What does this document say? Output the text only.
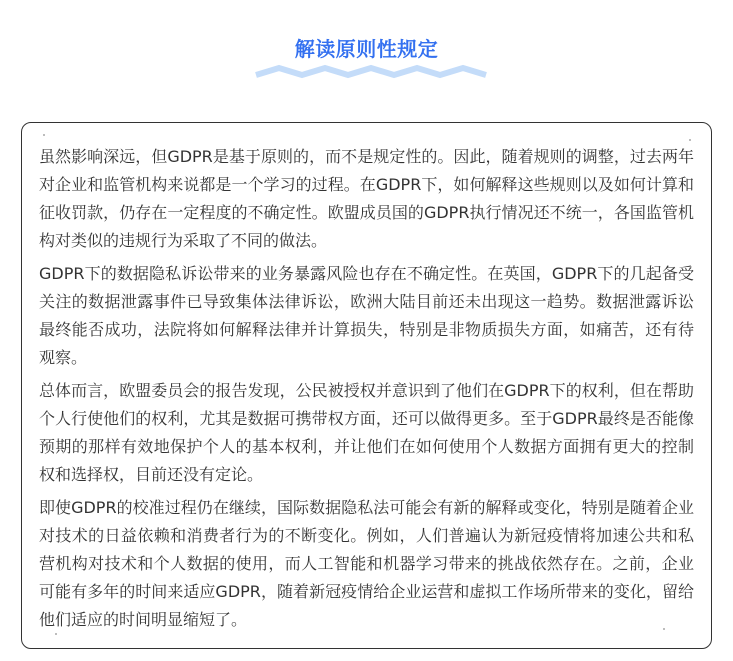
解读原则性规定

虽然影响深远，但GDPR是基于原则的，而不是规定性的。因此，随着规则的调整，过去两年对企业和监管机构来说都是一个学习的过程。在GDPR下，如何解释这些规则以及如何计算和征收罚款，仍存在一定程度的不确定性。欧盟成员国的GDPR执行情况还不统一，各国监管机构对类似的违规行为采取了不同的做法。

GDPR下的数据隐私诉讼带来的业务暴露风险也存在不确定性。在英国，GDPR下的几起备受关注的数据泄露事件已导致集体法律诉讼，欧洲大陆目前还未出现这一趋势。数据泄露诉讼最终能否成功，法院将如何解释法律并计算损失，特别是非物质损失方面，如痛苦，还有待观察。

总体而言，欧盟委员会的报告发现，公民被授权并意识到了他们在GDPR下的权利，但在帮助个人行使他们的权利，尤其是数据可携带权方面，还可以做得更多。至于GDPR最终是否能像预期的那样有效地保护个人的基本权利，并让他们在如何使用个人数据方面拥有更大的控制权和选择权，目前还没有定论。

即使GDPR的校准过程仍在继续，国际数据隐私法可能会有新的解释或变化，特别是随着企业对技术的日益依赖和消费者行为的不断变化。例如，人们普遍认为新冠疫情将加速公共和私营机构对技术和个人数据的使用，而人工智能和机器学习带来的挑战依然存在。之前，企业可能有多年的时间来适应GDPR，随着新冠疫情给企业运营和虚拟工作场所带来的变化，留给他们适应的时间明显缩短了。
